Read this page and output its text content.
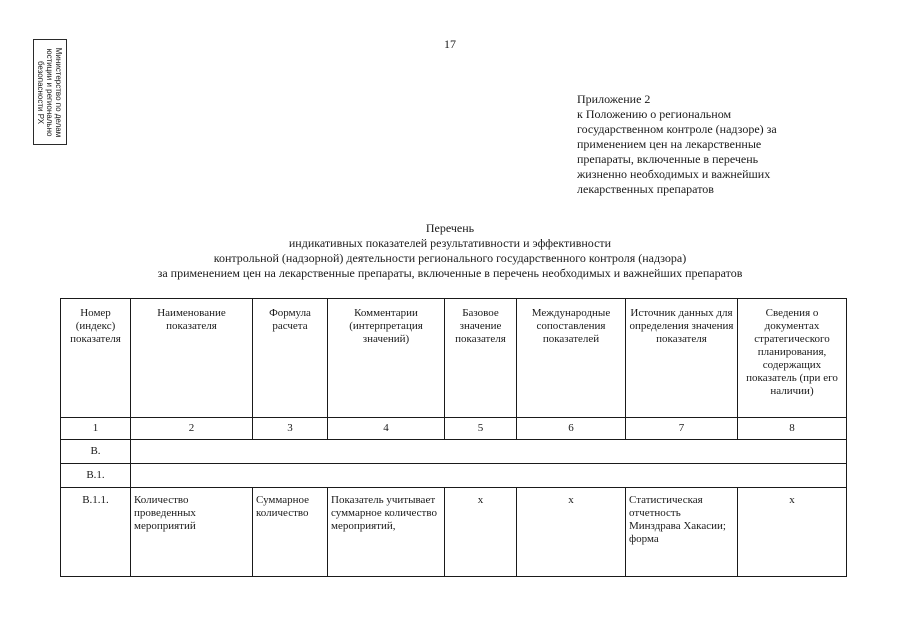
Министерство по делам
юстиции и регионально
безопасности РХ
17
Приложение 2
к Положению о региональном
государственном контроле (надзоре) за
применением цен на лекарственные
препараты, включенные в перечень
жизненно необходимых и важнейших
лекарственных препаратов
Перечень
индикативных показателей результативности и эффективности
контрольной (надзорной) деятельности регионального государственного контроля (надзора)
за применением цен на лекарственные препараты, включенные в перечень необходимых и важнейших препаратов
Номер (индекс) показателя	Наименование показателя	Формула расчета	Комментарии (интерпретация значений)	Базовое значение показателя	Международные сопоставления показателей	Источник данных для определения значения показателя	Сведения о документах стратегического планирования, содержащих показатель (при его наличии)
1	2	3	4	5	6	7	8
В.							
В.1.							
В.1.1.	Количество проведенных мероприятий	Суммарное количество	Показатель учитывает суммарное количество мероприятий,	x	x	Статистическая отчетность Минздрава Хакасии; форма	x
